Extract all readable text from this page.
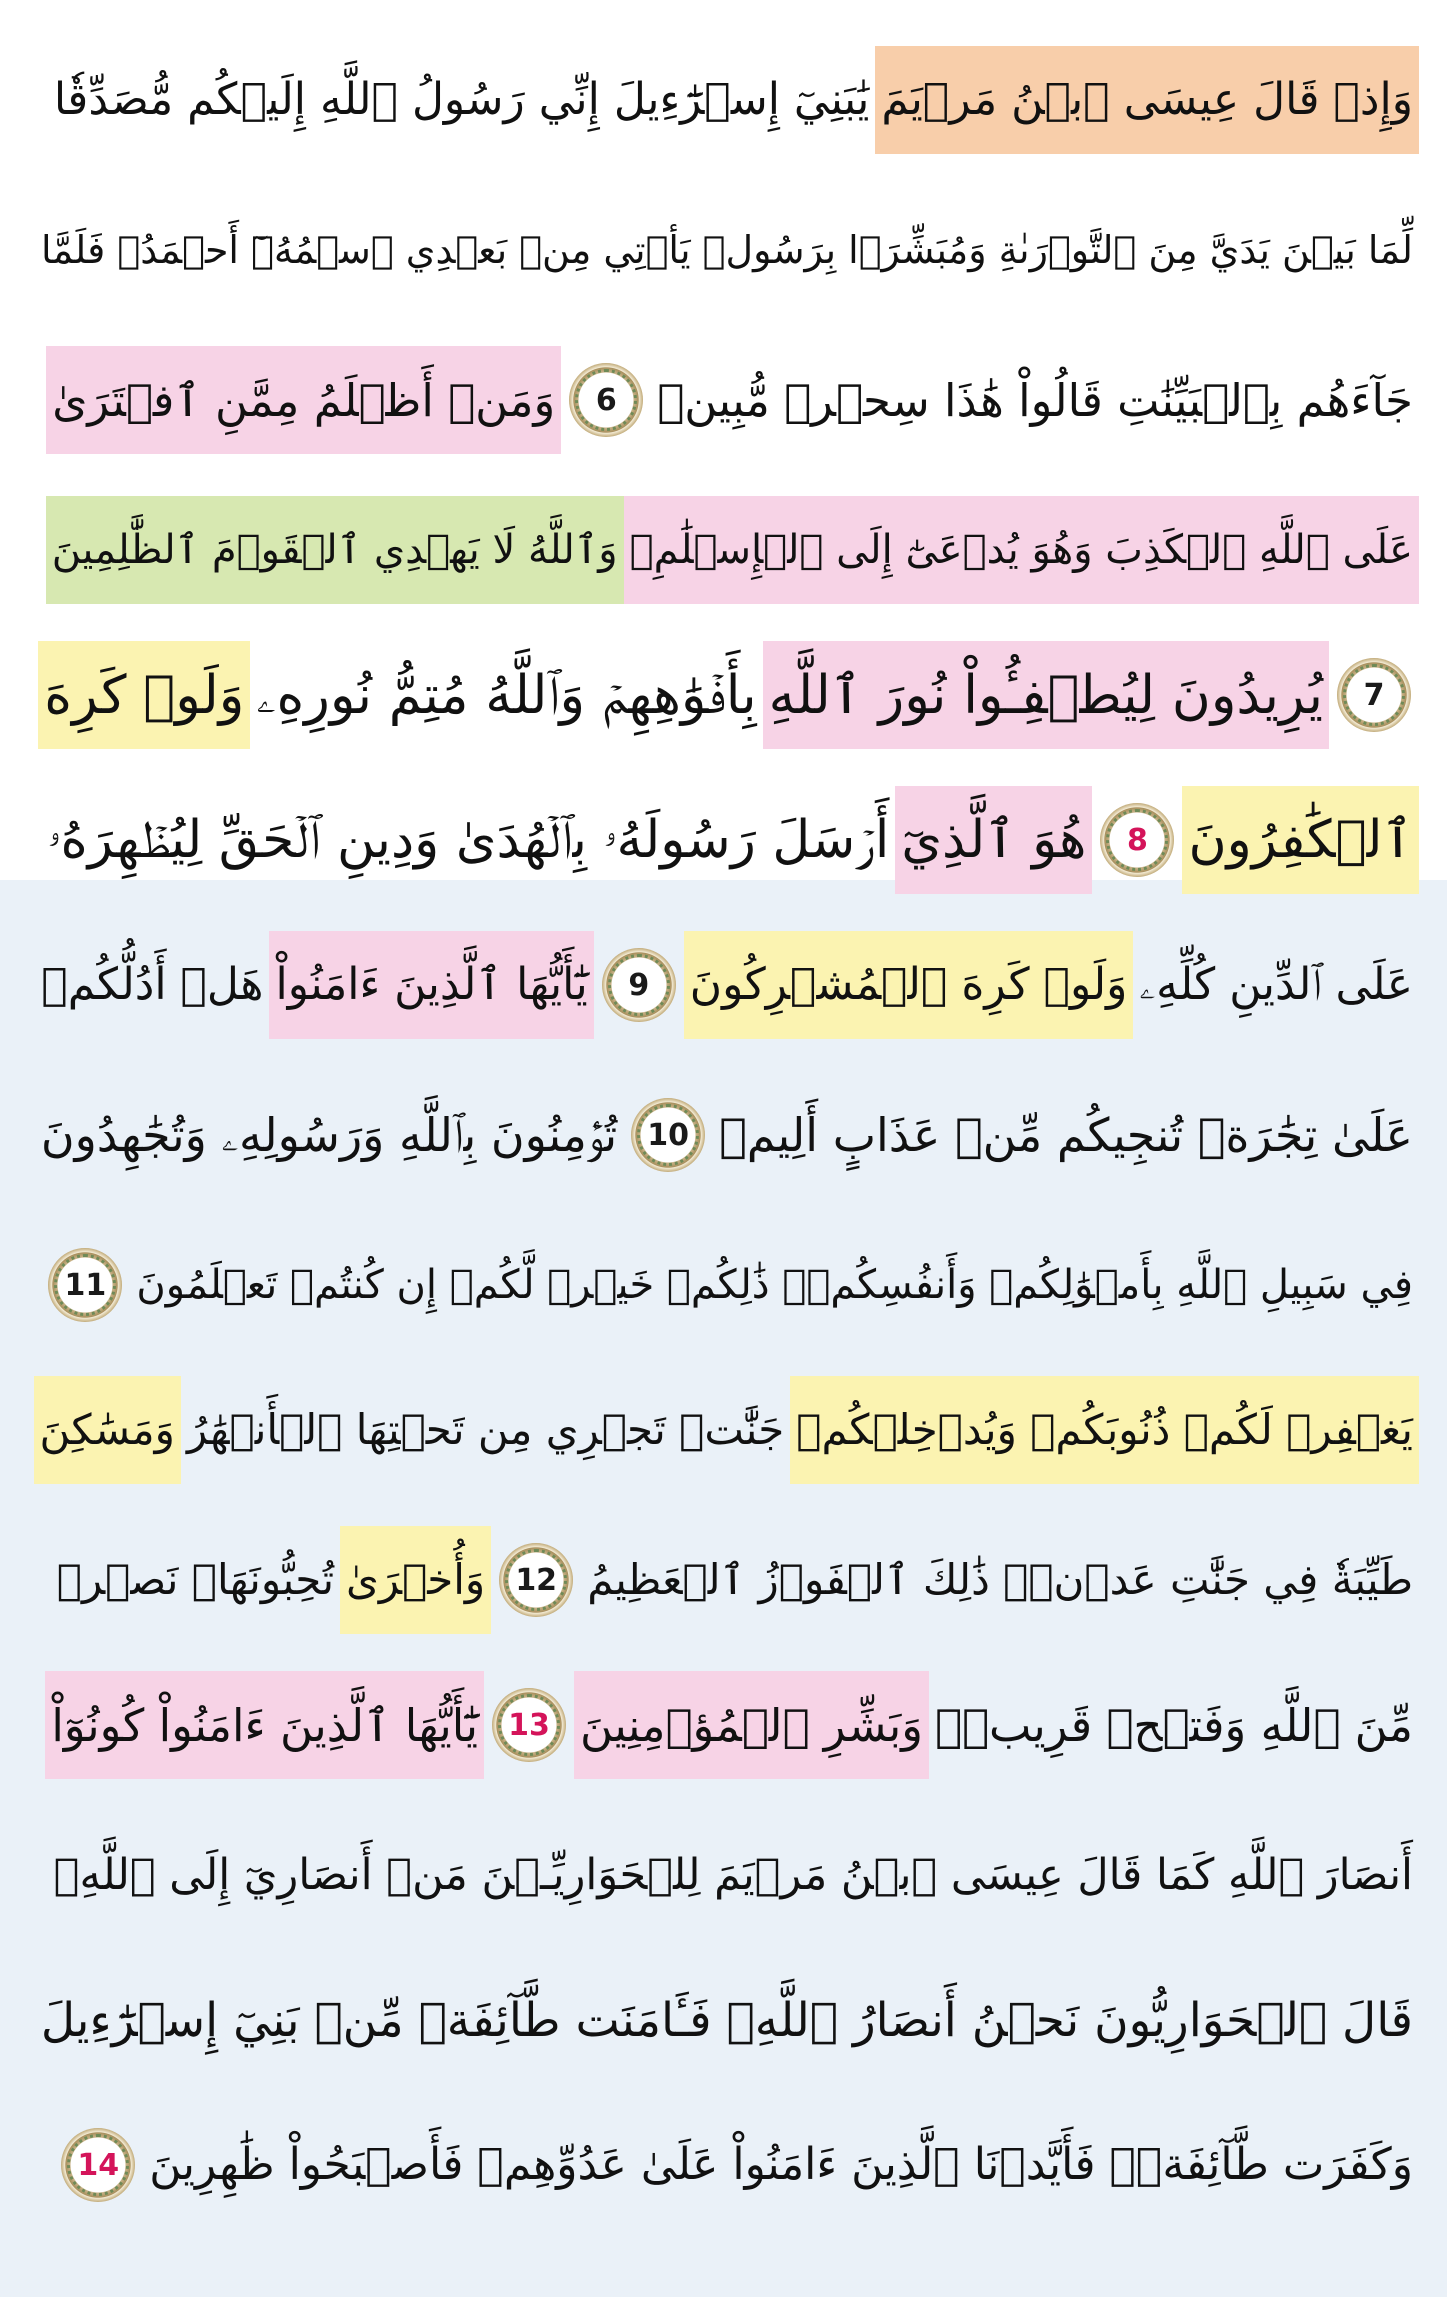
وَإِذۡ قَالَ عِيسَى ٱبۡنُ مَرۡيَمَ
يَٰبَنِيٓ إِسۡرَٰٓءِيلَ إِنِّي رَسُولُ ٱللَّهِ إِلَيۡكُم مُّصَدِّقٗا
لِّمَا بَيۡنَ يَدَيَّ مِنَ ٱلتَّوۡرَىٰةِ وَمُبَشِّرَۢا بِرَسُولٖ يَأۡتِي مِنۢ بَعۡدِي ٱسۡمُهُۥٓ أَحۡمَدُۖ فَلَمَّا
جَآءَهُم بِٱلۡبَيِّنَٰتِ قَالُواْ هَٰذَا سِحۡرٞ مُّبِينٞ
6
وَمَنۡ أَظۡلَمُ مِمَّنِ ٱفۡتَرَىٰ
عَلَى ٱللَّهِ ٱلۡكَذِبَ وَهُوَ يُدۡعَىٰٓ إِلَى ٱلۡإِسۡلَٰمِۚ
وَٱللَّهُ لَا يَهۡدِي ٱلۡقَوۡمَ ٱلظَّٰلِمِينَ
7
يُرِيدُونَ لِيُطۡفِـُٔواْ نُورَ ٱللَّهِ
بِأَفۡوَٰهِهِمۡ وَٱللَّهُ مُتِمُّ نُورِهِۦ
وَلَوۡ كَرِهَ
ٱلۡكَٰفِرُونَ
8
هُوَ ٱلَّذِيٓ
أَرۡسَلَ رَسُولَهُۥ بِٱلۡهُدَىٰ وَدِينِ ٱلۡحَقِّ لِيُظۡهِرَهُۥ
عَلَى ٱلدِّينِ كُلِّهِۦ
وَلَوۡ كَرِهَ ٱلۡمُشۡرِكُونَ
9
يَٰٓأَيُّهَا ٱلَّذِينَ ءَامَنُواْ
هَلۡ أَدُلُّكُمۡ
عَلَىٰ تِجَٰرَةٖ تُنجِيكُم مِّنۡ عَذَابٍ أَلِيمٖ
10
تُؤۡمِنُونَ بِٱللَّهِ وَرَسُولِهِۦ وَتُجَٰهِدُونَ
فِي سَبِيلِ ٱللَّهِ بِأَمۡوَٰلِكُمۡ وَأَنفُسِكُمۡۚ ذَٰلِكُمۡ خَيۡرٞ لَّكُمۡ إِن كُنتُمۡ تَعۡلَمُونَ
11
يَغۡفِرۡ لَكُمۡ ذُنُوبَكُمۡ وَيُدۡخِلۡكُمۡ
جَنَّٰتٖ تَجۡرِي مِن تَحۡتِهَا ٱلۡأَنۡهَٰرُ
وَمَسَٰكِنَ
طَيِّبَةٗ فِي جَنَّٰتِ عَدۡنٖۚ ذَٰلِكَ ٱلۡفَوۡزُ ٱلۡعَظِيمُ
12
وَأُخۡرَىٰ
تُحِبُّونَهَاۖ نَصۡرٞ
مِّنَ ٱللَّهِ وَفَتۡحٞ قَرِيبٞۗ
وَبَشِّرِ ٱلۡمُؤۡمِنِينَ
13
يَٰٓأَيُّهَا ٱلَّذِينَ ءَامَنُواْ كُونُوٓاْ
أَنصَارَ ٱللَّهِ كَمَا قَالَ عِيسَى ٱبۡنُ مَرۡيَمَ لِلۡحَوَارِيِّـۧنَ مَنۡ أَنصَارِيٓ إِلَى ٱللَّهِۖ
قَالَ ٱلۡحَوَارِيُّونَ نَحۡنُ أَنصَارُ ٱللَّهِۖ فَـَٔامَنَت طَّآئِفَةٞ مِّنۢ بَنِيٓ إِسۡرَٰٓءِيلَ
وَكَفَرَت طَّآئِفَةٞۖ فَأَيَّدۡنَا ٱلَّذِينَ ءَامَنُواْ عَلَىٰ عَدُوِّهِمۡ فَأَصۡبَحُواْ ظَٰهِرِينَ
14
